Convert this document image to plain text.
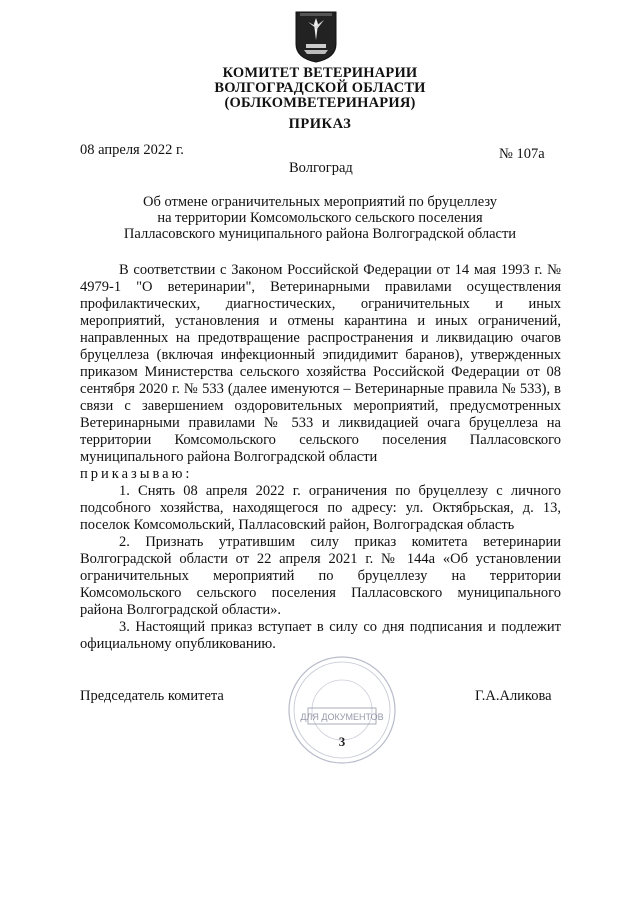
КОМИТЕТ ВЕТЕРИНАРИИ
ВОЛГОГРАДСКОЙ ОБЛАСТИ
(ОБЛКОМВЕТЕРИНАРИЯ)
ПРИКАЗ
08 апреля 2022 г.	№ 107а
Волгоград
Об отмене ограничительных мероприятий по бруцеллезу
на территории Комсомольского сельского поселения
Палласовского муниципального района Волгоградской области

В соответствии с Законом Российской Федерации от 14 мая 1993 г. № 4979-1 "О ветеринарии", Ветеринарными правилами осуществления профилактических, диагностических, ограничительных и иных мероприятий, установления и отмены карантина и иных ограничений, направленных на предотвращение распространения и ликвидацию очагов бруцеллеза (включая инфекционный эпидидимит баранов), утвержденных приказом Министерства сельского хозяйства Российской Федерации от 08 сентября 2020 г. № 533 (далее именуются – Ветеринарные правила № 533), в связи с завершением оздоровительных мероприятий, предусмотренных Ветеринарными правилами № 533 и ликвидацией очага бруцеллеза на территории Комсомольского сельского поселения Палласовского муниципального района Волгоградской области

приказываю:

1. Снять 08 апреля 2022 г. ограничения по бруцеллезу с личного подсобного хозяйства, находящегося по адресу: ул. Октябрьская, д. 13, поселок Комсомольский, Палласовский район, Волгоградская область

2. Признать утратившим силу приказ комитета ветеринарии Волгоградской области от 22 апреля 2021 г. № 144а «Об установлении ограничительных мероприятий по бруцеллезу на территории Комсомольского сельского поселения Палласовского муниципального района Волгоградской области».

3. Настоящий приказ вступает в силу со дня подписания и подлежит официальному опубликованию.

Председатель комитета	Г.А.Аликова
ДЛЯ ДОКУМЕНТОВ
3
